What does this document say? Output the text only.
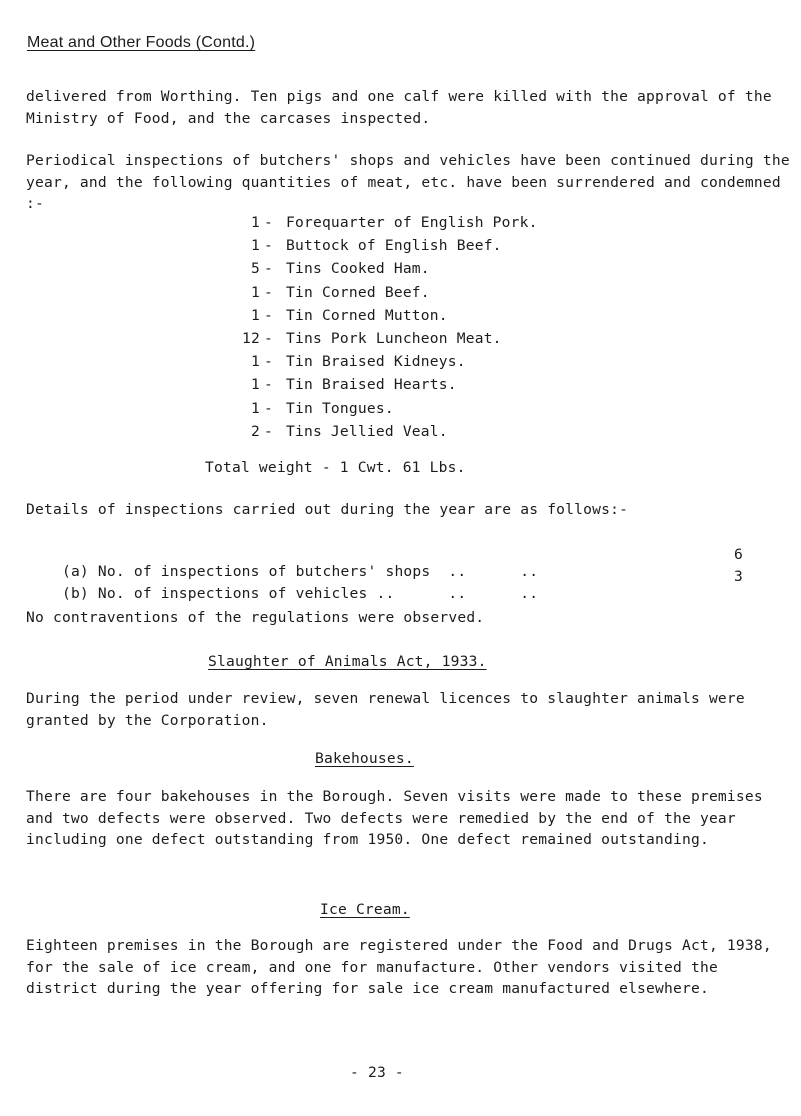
Meat and Other Foods (Contd.)
delivered from Worthing. Ten pigs and one calf were killed with the approval of the Ministry of Food, and the carcases inspected.
Periodical inspections of butchers' shops and vehicles have been continued during the year, and the following quantities of meat, etc. have been surrendered and condemned :-
1 - Forequarter of English Pork.
1 - Buttock of English Beef.
5 - Tins Cooked Ham.
1 - Tin Corned Beef.
1 - Tin Corned Mutton.
12 - Tins Pork Luncheon Meat.
1 - Tin Braised Kidneys.
1 - Tin Braised Hearts.
1 - Tin Tongues.
2 - Tins Jellied Veal.
Total weight - 1 Cwt. 61 Lbs.
Details of inspections carried out during the year are as follows:-

(a) No. of inspections of butchers' shops  ..      ..

6

(b) No. of inspections of vehicles ..      ..      ..

3
No contraventions of the regulations were observed.
Slaughter of Animals Act, 1933.
During the period under review, seven renewal licences to slaughter animals were granted by the Corporation.
Bakehouses.
There are four bakehouses in the Borough. Seven visits were made to these premises and two defects were observed. Two defects were remedied by the end of the year including one defect outstanding from 1950. One defect remained outstanding.
Ice Cream.
Eighteen premises in the Borough are registered under the Food and Drugs Act, 1938, for the sale of ice cream, and one for manufacture. Other vendors visited the district during the year offering for sale ice cream manufactured elsewhere.
- 23 -
